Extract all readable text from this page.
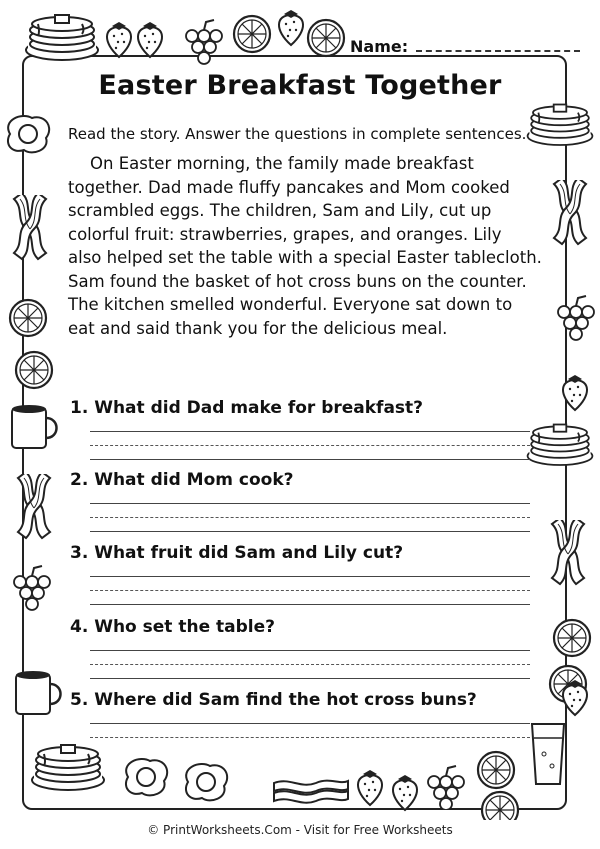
Name:
Easter Breakfast Together
Read the story. Answer the questions in complete sentences.
On Easter morning, the family made breakfast
together. Dad made fluffy pancakes and Mom cooked
scrambled eggs. The children, Sam and Lily, cut up
colorful fruit: strawberries, grapes, and oranges. Lily
also helped set the table with a special Easter tablecloth.
Sam found the basket of hot cross buns on the counter.
The kitchen smelled wonderful. Everyone sat down to
eat and said thank you for the delicious meal.
1. What did Dad make for breakfast?
2. What did Mom cook?
3. What fruit did Sam and Lily cut?
4. Who set the table?
5. Where did Sam find the hot cross buns?
© PrintWorksheets.Com - Visit for Free Worksheets
